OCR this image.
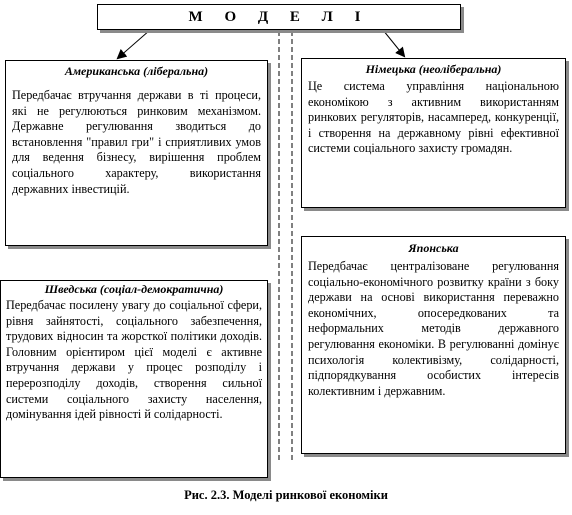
М О Д Е Л І

Американська (ліберальна)

Передбачає втручання держави в ті процеси, які не регулюються ринковим механізмом. Державне регулювання зводиться до встановлення "правил гри" і сприятливих умов для ведення бізнесу, вирішення проблем соціального характеру, використання державних інвестицій.

Німецька (неоліберальна)

Це система управління національною економікою з активним використанням ринкових регуляторів, насамперед, конкуренції, і створення на державному рівні ефективної системи соціального захисту громадян.

Шведська (соціал-демократична)

Передбачає посилену увагу до соціальної сфери, рівня зайнятості, соціального забезпечення, трудових відносин та жорсткої політики доходів. Головним орієнтиром цієї моделі є активне втручання держави у процес розподілу і перерозподілу доходів, створення сильної системи соціального захисту населення, домінування ідей рівності й солідарності.

Японська

Передбачає централізоване регулювання соціально-економічного розвитку країни з боку держави на основі використання переважно економічних, опосередкованих та неформальних методів державного регулювання економіки. В регулюванні домінує психологія колективізму, солідарності, підпорядкування особистих інтересів колективним і державним.

Рис. 2.3. Моделі ринкової економіки
